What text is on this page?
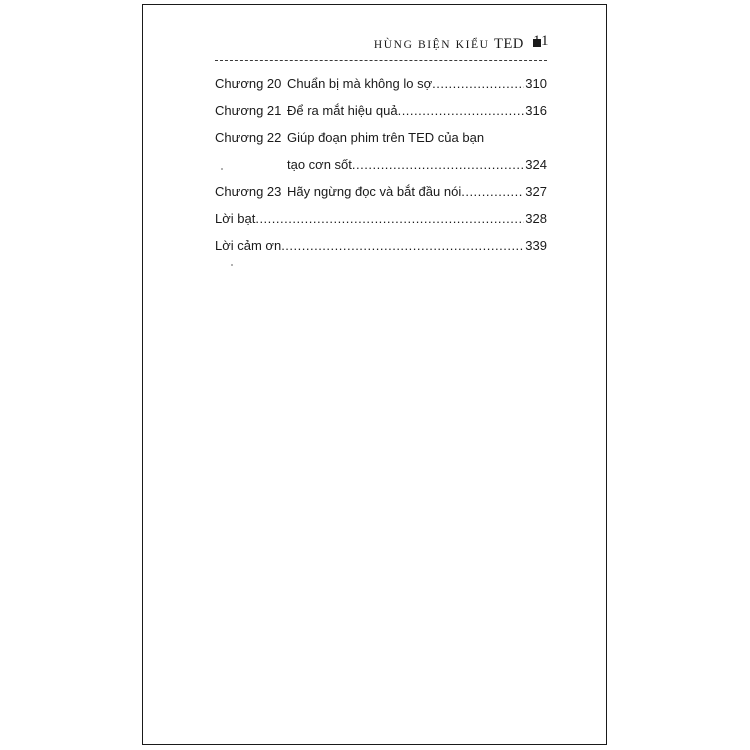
HÙNG BIỆN KIỂU TED 11
Chương 20 Chuẩn bị mà không lo sợ .....	310
Chương 21 Để ra mắt hiệu quả .....	316
Chương 22 Giúp đoạn phim trên TED của bạn
tạo cơn sốt .....	324
Chương 23 Hãy ngừng đọc và bắt đầu nói .....	327
Lời bạt .....	328
Lời cảm ơn .....	339
